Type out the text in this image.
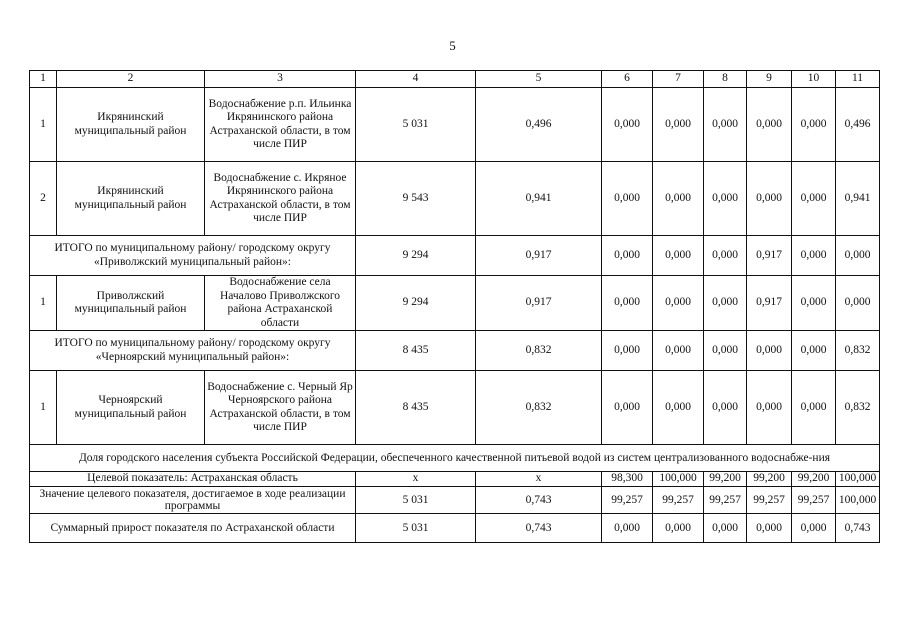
5
1	2	3	4	5	6	7	8	9	10	11
1	Икрянинский муниципальный район	Водоснабжение р.п. Ильинка Икрянинского района Астраханской области, в том числе ПИР	5 031	0,496	0,000	0,000	0,000	0,000	0,000	0,496
2	Икрянинский муниципальный район	Водоснабжение с. Икряное Икрянинского района Астраханской области, в том числе ПИР	9 543	0,941	0,000	0,000	0,000	0,000	0,000	0,941
ИТОГО по муниципальному району/ городскому округу «Приволжский муниципальный район»:			9 294	0,917	0,000	0,000	0,000	0,917	0,000	0,000
1	Приволжский муниципальный район	Водоснабжение села Началово Приволжского района Астраханской области	9 294	0,917	0,000	0,000	0,000	0,917	0,000	0,000
ИТОГО по муниципальному району/ городскому округу «Черноярский муниципальный район»:			8 435	0,832	0,000	0,000	0,000	0,000	0,000	0,832
1	Черноярский муниципальный район	Водоснабжение с. Черный Яр Черноярского района Астраханской области, в том числе ПИР	8 435	0,832	0,000	0,000	0,000	0,000	0,000	0,832
Доля городского населения субъекта Российской Федерации, обеспеченного качественной питьевой водой из систем централизованного водоснабже-ния										
Целевой показатель: Астраханская область			x	x	98,300	100,000	99,200	99,200	99,200	100,000
Значение целевого показателя, достигаемое в ходе реализации программы			5 031	0,743	99,257	99,257	99,257	99,257	99,257	100,000
Суммарный прирост показателя по Астраханской области			5 031	0,743	0,000	0,000	0,000	0,000	0,000	0,743
